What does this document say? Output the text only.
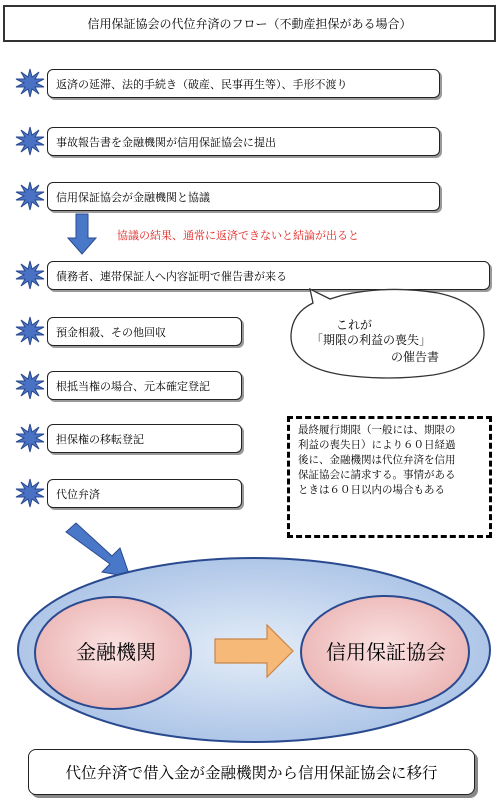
信用保証協会の代位弁済のフロー（不動産担保がある場合）
返済の延滞、法的手続き（破産、民事再生等）、手形不渡り
事故報告書を金融機関が信用保証協会に提出
信用保証協会が金融機関と協議
協議の結果、通常に返済できないと結論が出ると
債務者、連帯保証人へ内容証明で催告書が来る
これが
「期限の利益の喪失」
の催告書
預金相殺、その他回収
根抵当権の場合、元本確定登記
最終履行期限（一般には、期限の
利益の喪失日）により６０日経過
後に、金融機関は代位弁済を信用
保証協会に請求する。事情がある
ときは６０日以内の場合もある
担保権の移転登記
代位弁済
金融機関	信用保証協会
代位弁済で借入金が金融機関から信用保証協会に移行
